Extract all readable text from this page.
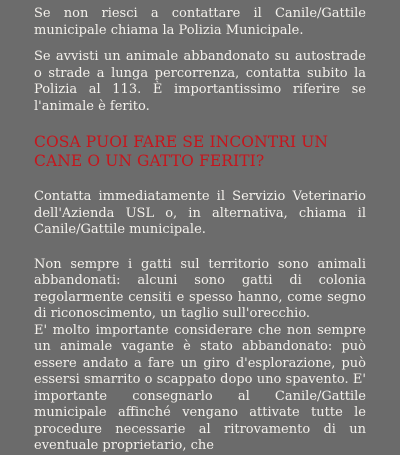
Se non riesci a contattare il Canile/Gattile municipale chiama la Polizia Municipale.

Se avvisti un animale abbandonato su autostrade o strade a lunga percorrenza, contatta subito la Polizia al 113. È importantissimo riferire se l'animale è ferito.

COSA PUOI FARE SE INCONTRI UN CANE O UN GATTO FERITI?

Contatta immediatamente il Servizio Veterinario dell'Azienda USL o, in alternativa, chiama il Canile/Gattile municipale.

Non sempre i gatti sul territorio sono animali abbandonati: alcuni sono gatti di colonia regolarmente censiti e spesso hanno, come segno di riconoscimento, un taglio sull'orecchio.

E' molto importante considerare che non sempre un animale vagante è stato abbandonato: può essere andato a fare un giro d'esplorazione, può essersi smarrito o scappato dopo uno spavento. E' importante consegnarlo al Canile/Gattile municipale affinché vengano attivate tutte le procedure necessarie al ritrovamento di un eventuale proprietario, che
